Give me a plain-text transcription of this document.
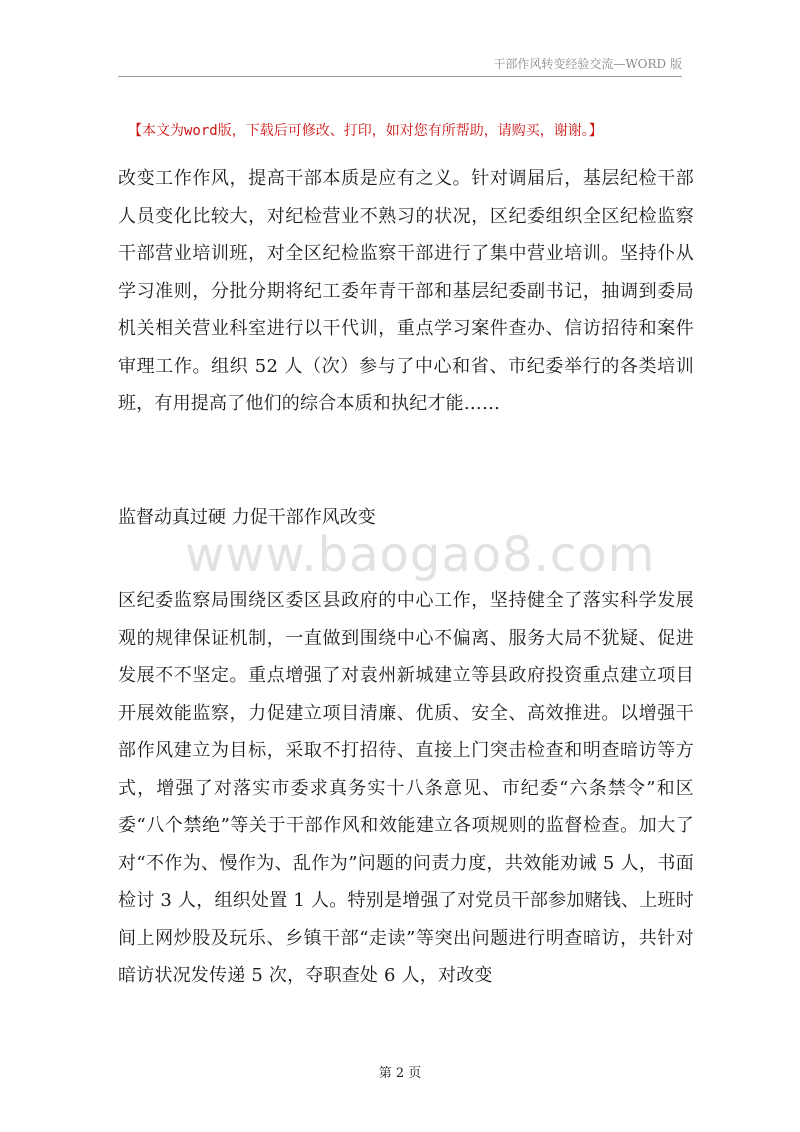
干部作风转变经验交流—WORD 版
【本文为word版，下载后可修改、打印，如对您有所帮助，请购买，谢谢。】

改变工作作风，提高干部本质是应有之义。针对调届后，基层纪检干部人员变化比较大，对纪检营业不熟习的状况，区纪委组织全区纪检监察干部营业培训班，对全区纪检监察干部进行了集中营业培训。坚持仆从学习准则，分批分期将纪工委年青干部和基层纪委副书记，抽调到委局机关相关营业科室进行以干代训，重点学习案件查办、信访招待和案件审理工作。组织 52 人（次）参与了中心和省、市纪委举行的各类培训班，有用提高了他们的综合本质和执纪才能……

监督动真过硬 力促干部作风改变
www.baogao8.com

区纪委监察局围绕区委区县政府的中心工作，坚持健全了落实科学发展观的规律保证机制，一直做到围绕中心不偏离、服务大局不犹疑、促进发展不不坚定。重点增强了对袁州新城建立等县政府投资重点建立项目开展效能监察，力促建立项目清廉、优质、安全、高效推进。以增强干部作风建立为目标，采取不打招待、直接上门突击检查和明查暗访等方式，增强了对落实市委求真务实十八条意见、市纪委“六条禁令”和区委“八个禁绝”等关于干部作风和效能建立各项规则的监督检查。加大了对“不作为、慢作为、乱作为”问题的问责力度，共效能劝诫 5 人，书面检讨 3 人，组织处置 1 人。特别是增强了对党员干部参加赌钱、上班时间上网炒股及玩乐、乡镇干部“走读”等突出问题进行明查暗访，共针对暗访状况发传递 5 次，夺职查处 6 人，对改变

第 2 页
